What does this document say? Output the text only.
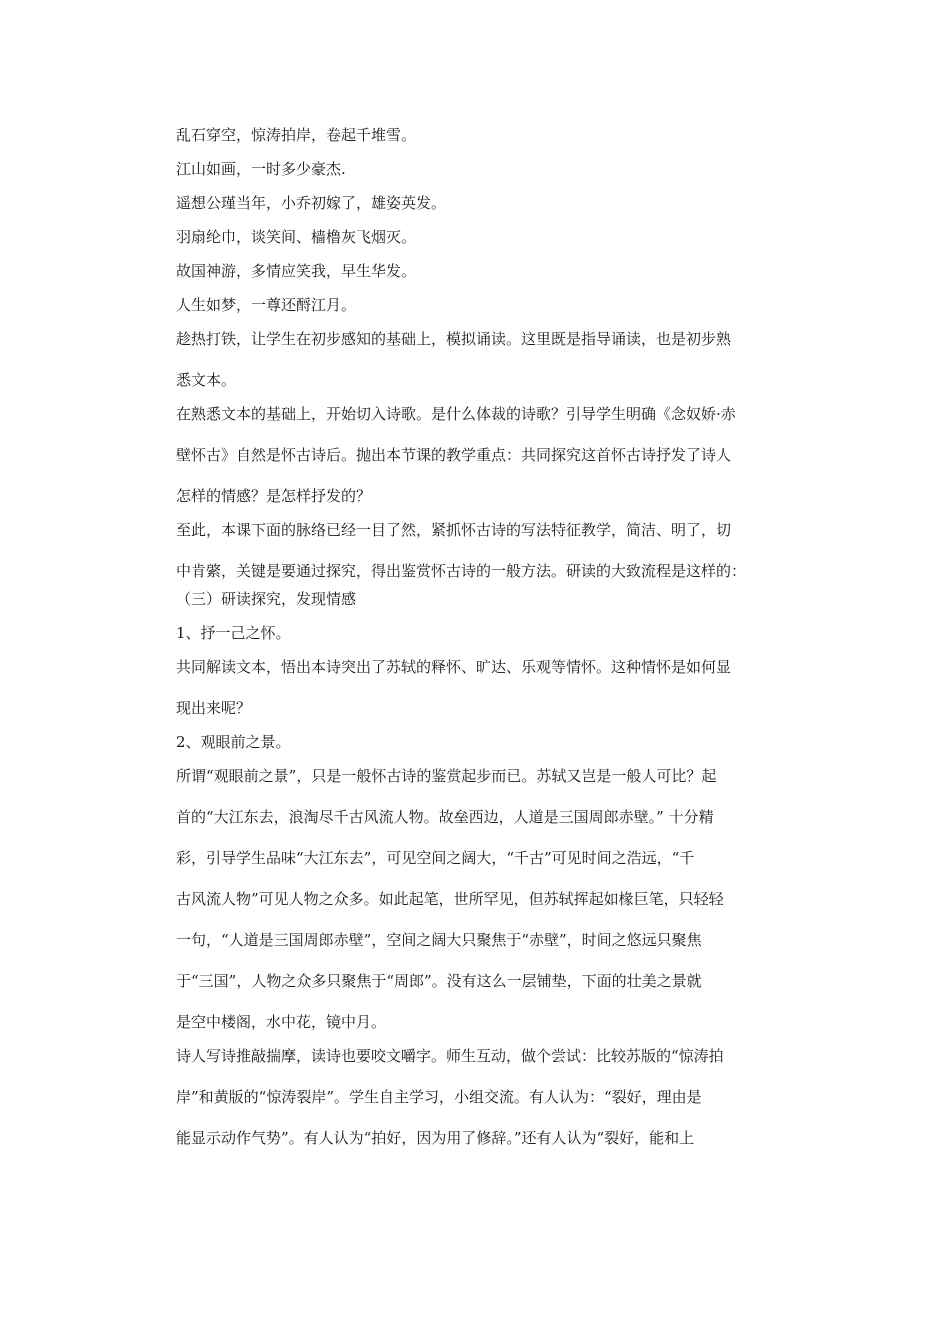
乱石穿空，惊涛拍岸，卷起千堆雪。
江山如画，一时多少豪杰.
遥想公瑾当年，小乔初嫁了，雄姿英发。
羽扇纶巾，谈笑间、樯橹灰飞烟灭。
故国神游，多情应笑我，早生华发。
人生如梦，一尊还酹江月。
趁热打铁，让学生在初步感知的基础上，模拟诵读。这里既是指导诵读，也是初步熟
悉文本。
在熟悉文本的基础上，开始切入诗歌。是什么体裁的诗歌？引导学生明确《念奴娇·赤
壁怀古》自然是怀古诗后。抛出本节课的教学重点：共同探究这首怀古诗抒发了诗人
怎样的情感？是怎样抒发的？
至此，本课下面的脉络已经一目了然，紧抓怀古诗的写法特征教学，简洁、明了，切
中肯綮，关键是要通过探究，得出鉴赏怀古诗的一般方法。研读的大致流程是这样的：
（三）研读探究，发现情感
1、抒一己之怀。
共同解读文本，悟出本诗突出了苏轼的释怀、旷达、乐观等情怀。这种情怀是如何显
现出来呢？
2、观眼前之景。
所谓“观眼前之景”，只是一般怀古诗的鉴赏起步而已。苏轼又岂是一般人可比？起
首的“大江东去，浪淘尽千古风流人物。故垒西边，人道是三国周郎赤壁。” 十分精
彩，引导学生品味“大江东去”，可见空间之阔大，“千古”可见时间之浩远，“千
古风流人物”可见人物之众多。如此起笔，世所罕见，但苏轼挥起如椽巨笔，只轻轻
一句，“人道是三国周郎赤壁”，空间之阔大只聚焦于“赤壁”，时间之悠远只聚焦
于“三国”，人物之众多只聚焦于“周郎”。没有这么一层铺垫，下面的壮美之景就
是空中楼阁，水中花，镜中月。
诗人写诗推敲揣摩，读诗也要咬文嚼字。师生互动，做个尝试：比较苏版的“惊涛拍
岸”和黄版的“惊涛裂岸”。学生自主学习，小组交流。有人认为：“裂好，理由是
能显示动作气势”。有人认为“拍好，因为用了修辞。”还有人认为“裂好，能和上
